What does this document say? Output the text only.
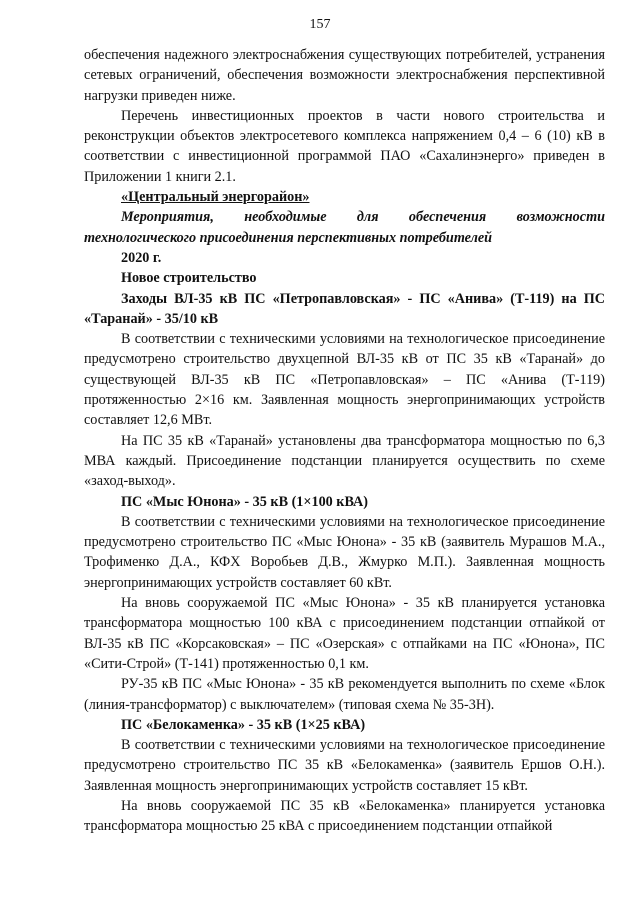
157

обеспечения надежного электроснабжения существующих потребителей, устранения сетевых ограничений, обеспечения возможности электроснабжения перспективной нагрузки приведен ниже.

Перечень инвестиционных проектов в части нового строительства и реконструкции объектов электросетевого комплекса напряжением 0,4 – 6 (10) кВ в соответствии с инвестиционной программой ПАО «Сахалинэнерго» приведен в Приложении 1 книги 2.1.

«Центральный энергорайон»

Мероприятия, необходимые для обеспечения возможности технологического присоединения перспективных потребителей

2020 г.

Новое строительство

Заходы ВЛ-35 кВ ПС «Петропавловская» - ПС «Анива» (Т-119) на ПС «Таранай» - 35/10 кВ

В соответствии с техническими условиями на технологическое присоединение предусмотрено строительство двухцепной ВЛ-35 кВ от ПС 35 кВ «Таранай» до существующей ВЛ-35 кВ ПС «Петропавловская» – ПС «Анива (Т-119) протяженностью 2×16 км. Заявленная мощность энергопринимающих устройств составляет 12,6 МВт.

На ПС 35 кВ «Таранай» установлены два трансформатора мощностью по 6,3 МВА каждый. Присоединение подстанции планируется осуществить по схеме «заход-выход».

ПС «Мыс Юнона» - 35 кВ (1×100 кВА)

В соответствии с техническими условиями на технологическое присоединение предусмотрено строительство ПС «Мыс Юнона» - 35 кВ (заявитель Мурашов М.А., Трофименко Д.А., КФХ Воробьев Д.В., Жмурко М.П.). Заявленная мощность энергопринимающих устройств составляет 60 кВт.

На вновь сооружаемой ПС «Мыс Юнона» - 35 кВ планируется установка трансформатора мощностью 100 кВА с присоединением подстанции отпайкой от ВЛ-35 кВ ПС «Корсаковская» – ПС «Озерская» с отпайками на ПС «Юнона», ПС «Сити-Строй» (Т-141) протяженностью 0,1 км.

РУ-35 кВ ПС «Мыс Юнона» - 35 кВ рекомендуется выполнить по схеме «Блок (линия-трансформатор) с выключателем» (типовая схема № 35-3Н).

ПС «Белокаменка» - 35 кВ (1×25 кВА)

В соответствии с техническими условиями на технологическое присоединение предусмотрено строительство ПС 35 кВ «Белокаменка» (заявитель Ершов О.Н.). Заявленная мощность энергопринимающих устройств составляет 15 кВт.

На вновь сооружаемой ПС 35 кВ «Белокаменка» планируется установка трансформатора мощностью 25 кВА с присоединением подстанции отпайкой
